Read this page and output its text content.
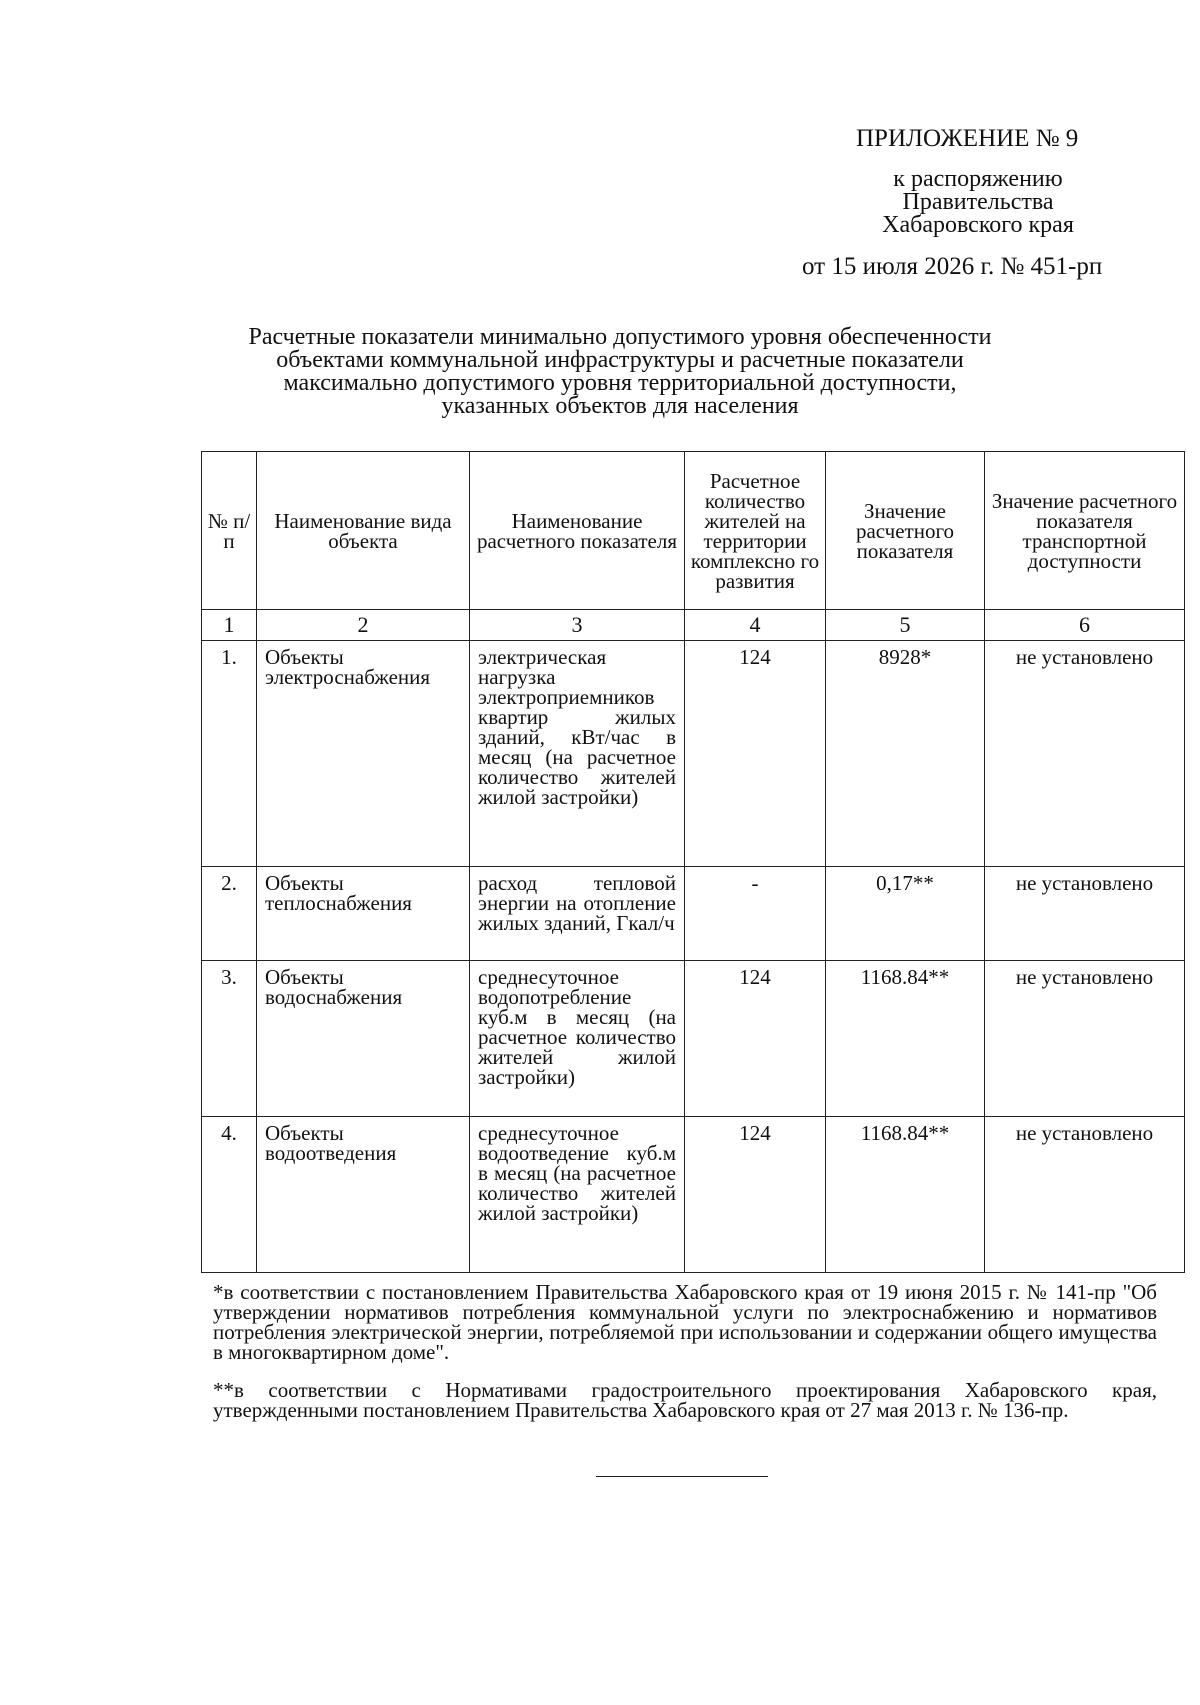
ПРИЛОЖЕНИЕ № 9
к распоряжению
Правительства
Хабаровского края
от 15 июля 2026 г. № 451-рп
Расчетные показатели минимально допустимого уровня обеспеченности
объектами коммунальной инфраструктуры и расчетные показатели
максимально допустимого уровня территориальной доступности,
указанных объектов для населения
№ п/п	Наименование вида объекта	Наименование расчетного показателя	Расчетное количество жителей на территории комплексно го развития	Значение расчетного показателя	Значение расчетного показателя транспортной доступности
1	2	3	4	5	6
1.	Объекты электроснабжения	электрическая нагрузка электроприемников квартир жилых зданий, кВт/час в месяц (на расчетное количество жителей жилой застройки)	124	8928*	не установлено
2.	Объекты теплоснабжения	расход тепловой энергии на отопление жилых зданий, Гкал/ч	-	0,17**	не установлено
3.	Объекты водоснабжения	среднесуточное водопотребление куб.м в месяц (на расчетное количество жителей жилой застройки)	124	1168.84**	не установлено
4.	Объекты водоотведения	среднесуточное водоотведение куб.м в месяц (на расчетное количество жителей жилой застройки)	124	1168.84**	не установлено
*в соответствии с постановлением Правительства Хабаровского края от 19 июня 2015 г. № 141-пр "Об утверждении нормативов потребления коммунальной услуги по электроснабжению и нормативов потребления электрической энергии, потребляемой при использовании и содержании общего имущества в многоквартирном доме".
**в соответствии с Нормативами градостроительного проектирования Хабаровского края, утвержденными постановлением Правительства Хабаровского края от 27 мая 2013 г. № 136-пр.
